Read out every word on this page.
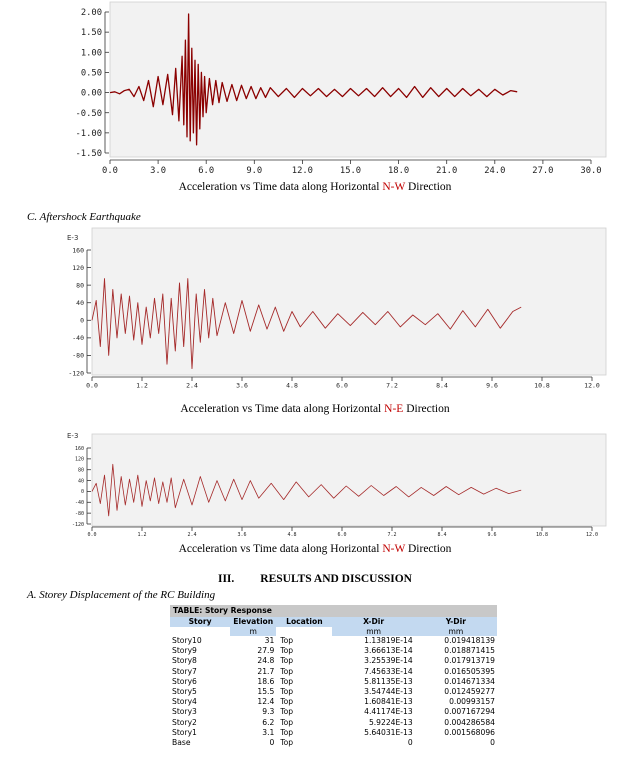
2.00
1.50
1.00
0.50
0.00
-0.50
-1.00
-1.50
0.0	3.0	6.0	9.0	12.0	15.0	18.0	21.0	24.0	27.0	30.0
Acceleration vs Time data along Horizontal N-W Direction
C. Aftershock Earthquake
160
120
80
40
0
-40
-80
-120
0.0	1.2	2.4	3.6	4.8	6.0	7.2	8.4	9.6	10.8	12.0
E-3
Acceleration vs Time data along Horizontal N-E Direction
160
120
80
40
0
-40
-80
-120
0.0	1.2	2.4	3.6	4.8	6.0	7.2	8.4	9.6	10.8	12.0
E-3
Acceleration vs Time data along Horizontal N-W Direction
III. RESULTS AND DISCUSSION
A. Storey Displacement of the RC Building
TABLE: Story Response
Story	Elevation	Location	X-Dir	Y-Dir
	m		mm	mm
Story10	31	Top	1.13819E-14	0.019418139
Story9	27.9	Top	3.66613E-14	0.018871415
Story8	24.8	Top	3.25539E-14	0.017913719
Story7	21.7	Top	7.45633E-14	0.016505395
Story6	18.6	Top	5.81135E-13	0.014671334
Story5	15.5	Top	3.54744E-13	0.012459277
Story4	12.4	Top	1.60841E-13	0.00993157
Story3	9.3	Top	4.41174E-13	0.007167294
Story2	6.2	Top	5.9224E-13	0.004286584
Story1	3.1	Top	5.64031E-13	0.001568096
Base	0	Top	0	0
